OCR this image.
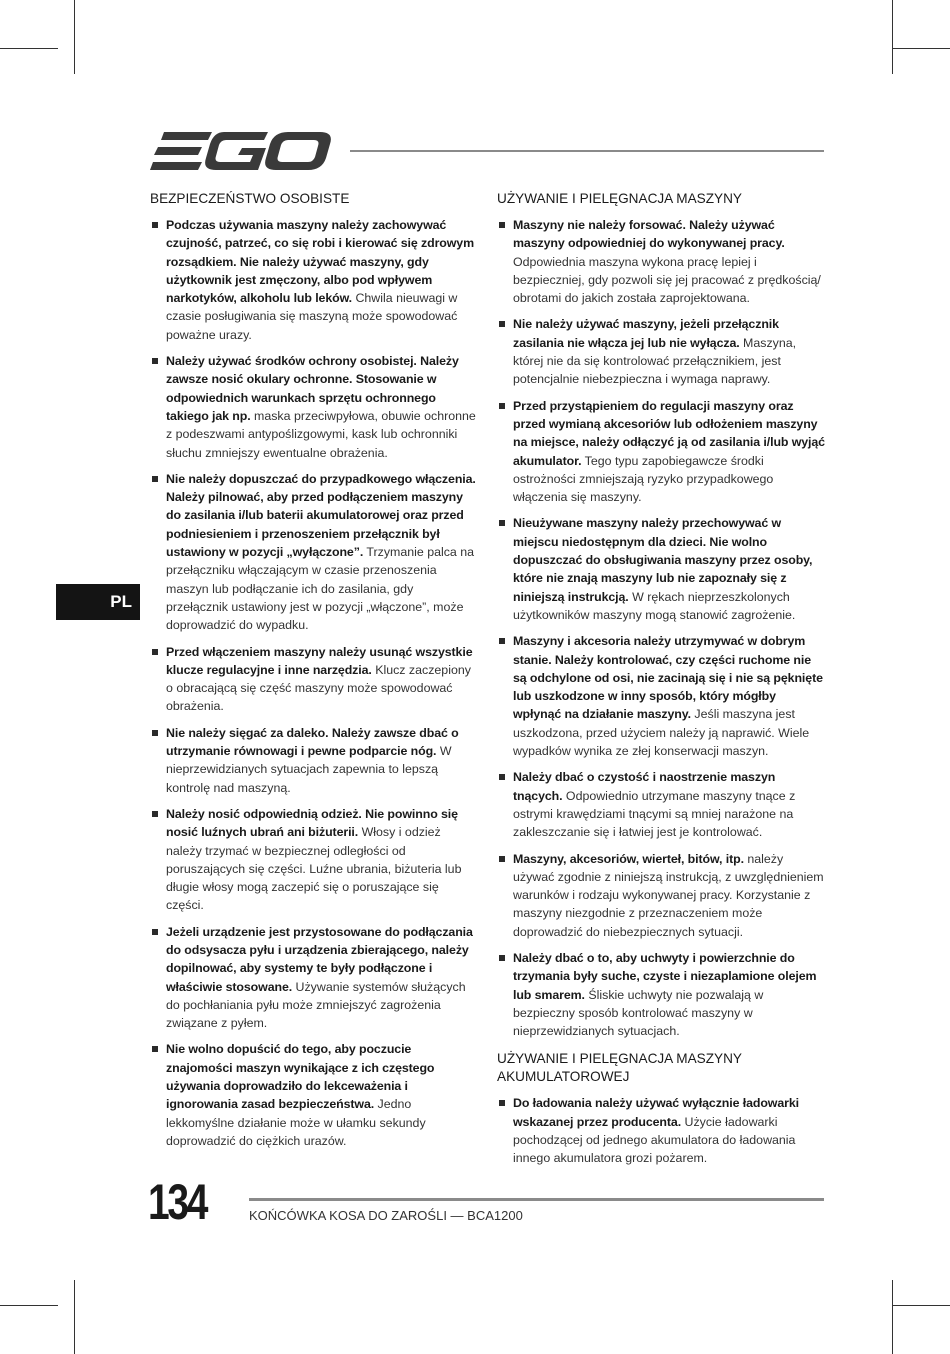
PL
BEZPIECZEŃSTWO OSOBISTE
Podczas używania maszyny należy zachowywać czujność, patrzeć, co się robi i kierować się zdrowym rozsądkiem. Nie należy używać maszyny, gdy użytkownik jest zmęczony, albo pod wpływem narkotyków, alkoholu lub leków. Chwila nieuwagi w czasie posługiwania się maszyną może spowodować poważne urazy.
Należy używać środków ochrony osobistej. Należy zawsze nosić okulary ochronne. Stosowanie w odpowiednich warunkach sprzętu ochronnego takiego jak np. maska przeciwpyłowa, obuwie ochronne z podeszwami antypoślizgowymi, kask lub ochronniki słuchu zmniejszy ewentualne obrażenia.
Nie należy dopuszczać do przypadkowego włączenia. Należy pilnować, aby przed podłączeniem maszyny do zasilania i/lub baterii akumulatorowej oraz przed podniesieniem i przenoszeniem przełącznik był ustawiony w pozycji „wyłączone”. Trzymanie palca na przełączniku włączającym w czasie przenoszenia maszyn lub podłączanie ich do zasilania, gdy przełącznik ustawiony jest w pozycji „włączone”, może doprowadzić do wypadku.
Przed włączeniem maszyny należy usunąć wszystkie klucze regulacyjne i inne narzędzia. Klucz zaczepiony o obracającą się część maszyny może spowodować obrażenia.
Nie należy sięgać za daleko. Należy zawsze dbać o utrzymanie równowagi i pewne podparcie nóg. W nieprzewidzianych sytuacjach zapewnia to lepszą kontrolę nad maszyną.
Należy nosić odpowiednią odzież. Nie powinno się nosić luźnych ubrań ani biżuterii. Włosy i odzież należy trzymać w bezpiecznej odległości od poruszających się części. Luźne ubrania, biżuteria lub długie włosy mogą zaczepić się o poruszające się części.
Jeżeli urządzenie jest przystosowane do podłączania do odsysacza pyłu i urządzenia zbierającego, należy dopilnować, aby systemy te były podłączone i właściwie stosowane. Używanie systemów służących do pochłaniania pyłu może zmniejszyć zagrożenia związane z pyłem.
Nie wolno dopuścić do tego, aby poczucie znajomości maszyn wynikające z ich częstego używania doprowadziło do lekceważenia i ignorowania zasad bezpieczeństwa. Jedno lekkomyślne działanie może w ułamku sekundy doprowadzić do ciężkich urazów.
UŻYWANIE I PIELĘGNACJA MASZYNY
Maszyny nie należy forsować. Należy używać maszyny odpowiedniej do wykonywanej pracy. Odpowiednia maszyna wykona pracę lepiej i bezpieczniej, gdy pozwoli się jej pracować z prędkością/ obrotami do jakich została zaprojektowana.
Nie należy używać maszyny, jeżeli przełącznik zasilania nie włącza jej lub nie wyłącza. Maszyna, której nie da się kontrolować przełącznikiem, jest potencjalnie niebezpieczna i wymaga naprawy.
Przed przystąpieniem do regulacji maszyny oraz przed wymianą akcesoriów lub odłożeniem maszyny na miejsce, należy odłączyć ją od zasilania i/lub wyjąć akumulator. Tego typu zapobiegawcze środki ostrożności zmniejszają ryzyko przypadkowego włączenia się maszyny.
Nieużywane maszyny należy przechowywać w miejscu niedostępnym dla dzieci. Nie wolno dopuszczać do obsługiwania maszyny przez osoby, które nie znają maszyny lub nie zapoznały się z niniejszą instrukcją. W rękach nieprzeszkolonych użytkowników maszyny mogą stanowić zagrożenie.
Maszyny i akcesoria należy utrzymywać w dobrym stanie. Należy kontrolować, czy części ruchome nie są odchylone od osi, nie zacinają się i nie są pęknięte lub uszkodzone w inny sposób, który mógłby wpłynąć na działanie maszyny. Jeśli maszyna jest uszkodzona, przed użyciem należy ją naprawić. Wiele wypadków wynika ze złej konserwacji maszyn.
Należy dbać o czystość i naostrzenie maszyn tnących. Odpowiednio utrzymane maszyny tnące z ostrymi krawędziami tnącymi są mniej narażone na zakleszczanie się i łatwiej jest je kontrolować.
Maszyny, akcesoriów, wierteł, bitów, itp. należy używać zgodnie z niniejszą instrukcją, z uwzględnieniem warunków i rodzaju wykonywanej pracy. Korzystanie z maszyny niezgodnie z przeznaczeniem może doprowadzić do niebezpiecznych sytuacji.
Należy dbać o to, aby uchwyty i powierzchnie do trzymania były suche, czyste i niezaplamione olejem lub smarem. Śliskie uchwyty nie pozwalają w bezpieczny sposób kontrolować maszyny w nieprzewidzianych sytuacjach.
UŻYWANIE I PIELĘGNACJA MASZYNY AKUMULATOROWEJ
Do ładowania należy używać wyłącznie ładowarki wskazanej przez producenta. Użycie ładowarki pochodzącej od jednego akumulatora do ładowania innego akumulatora grozi pożarem.
134	KOŃCÓWKA KOSA DO ZAROŚLI — BCA1200
